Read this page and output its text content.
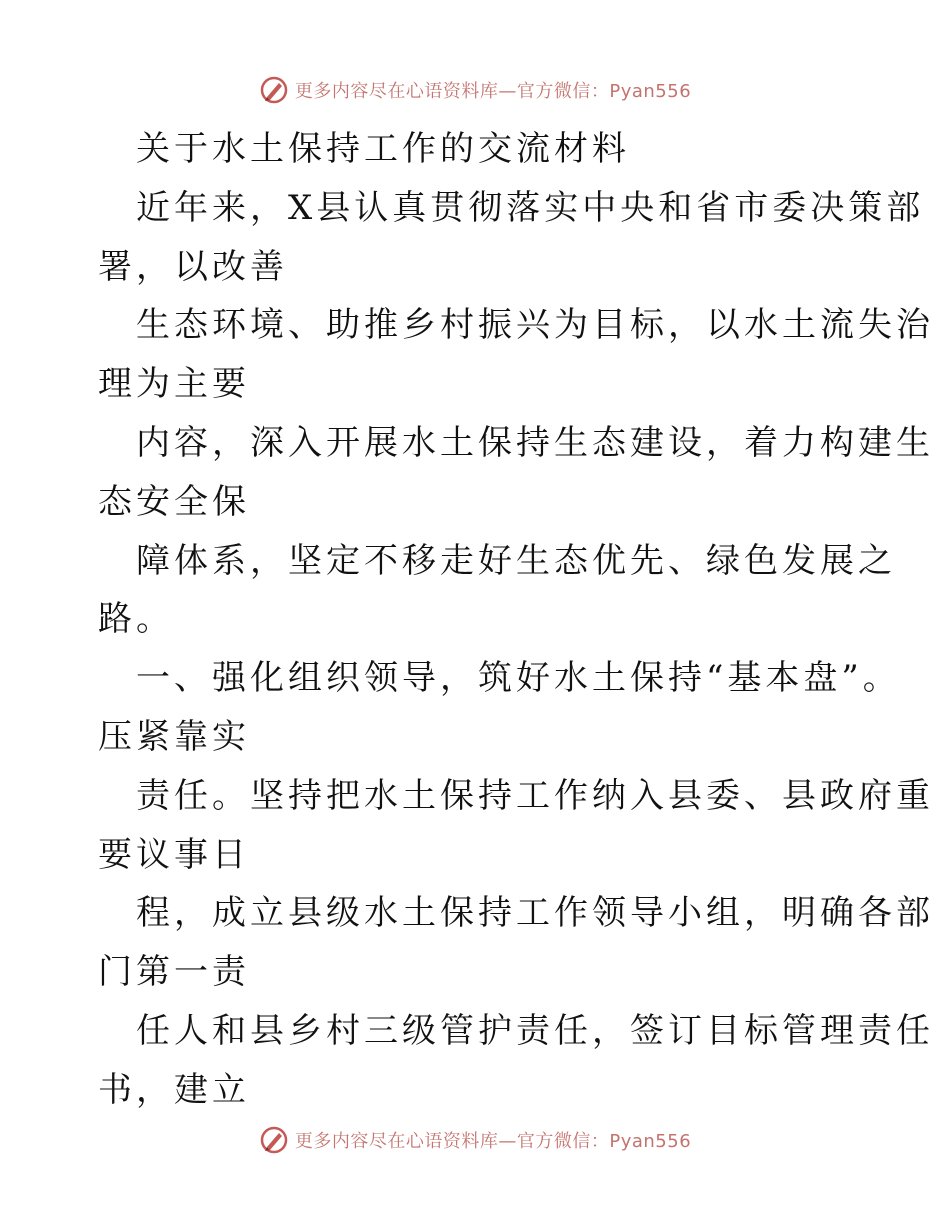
更多内容尽在心语资料库—官方微信：Pyan556
关于水土保持工作的交流材料
近年来，X县认真贯彻落实中央和省市委决策部
署，以改善
生态环境、助推乡村振兴为目标，以水土流失治
理为主要
内容，深入开展水土保持生态建设，着力构建生
态安全保
障体系，坚定不移走好生态优先、绿色发展之
路。
一、强化组织领导，筑好水土保持“基本盘”。
压紧靠实
责任。坚持把水土保持工作纳入县委、县政府重
要议事日
程，成立县级水土保持工作领导小组，明确各部
门第一责
任人和县乡村三级管护责任，签订目标管理责任
书，建立
更多内容尽在心语资料库—官方微信：Pyan556
